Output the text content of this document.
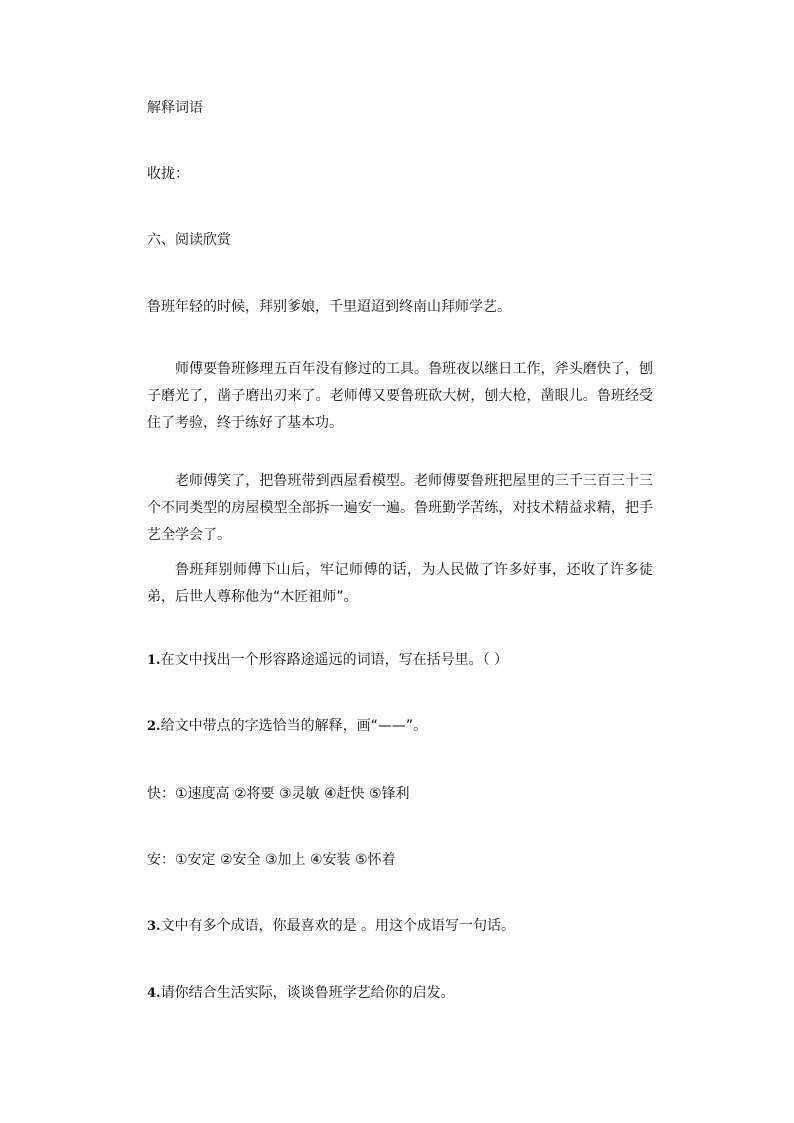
解释词语
收拢：
六、阅读欣赏
鲁班年轻的时候，拜别爹娘，千里迢迢到终南山拜师学艺。
师傅要鲁班修理五百年没有修过的工具。鲁班夜以继日工作，斧头磨快了，刨子磨光了，凿子磨出刃来了。老师傅又要鲁班砍大树，刨大枪，凿眼儿。鲁班经受住了考验，终于练好了基本功。
老师傅笑了，把鲁班带到西屋看模型。老师傅要鲁班把屋里的三千三百三十三个不同类型的房屋模型全部拆一遍安一遍。鲁班勤学苦练，对技术精益求精，把手艺全学会了。
鲁班拜别师傅下山后，牢记师傅的话，为人民做了许多好事，还收了许多徒弟，后世人尊称他为“木匠祖师”。
1.在文中找出一个形容路途遥远的词语，写在括号里。（ ）
2.给文中带点的字选恰当的解释，画“——”。
快：①速度高 ②将要 ③灵敏 ④赶快 ⑤锋利
安：①安定 ②安全 ③加上 ④安装 ⑤怀着
3.文中有多个成语，你最喜欢的是 。用这个成语写一句话。
4.请你结合生活实际，谈谈鲁班学艺给你的启发。
